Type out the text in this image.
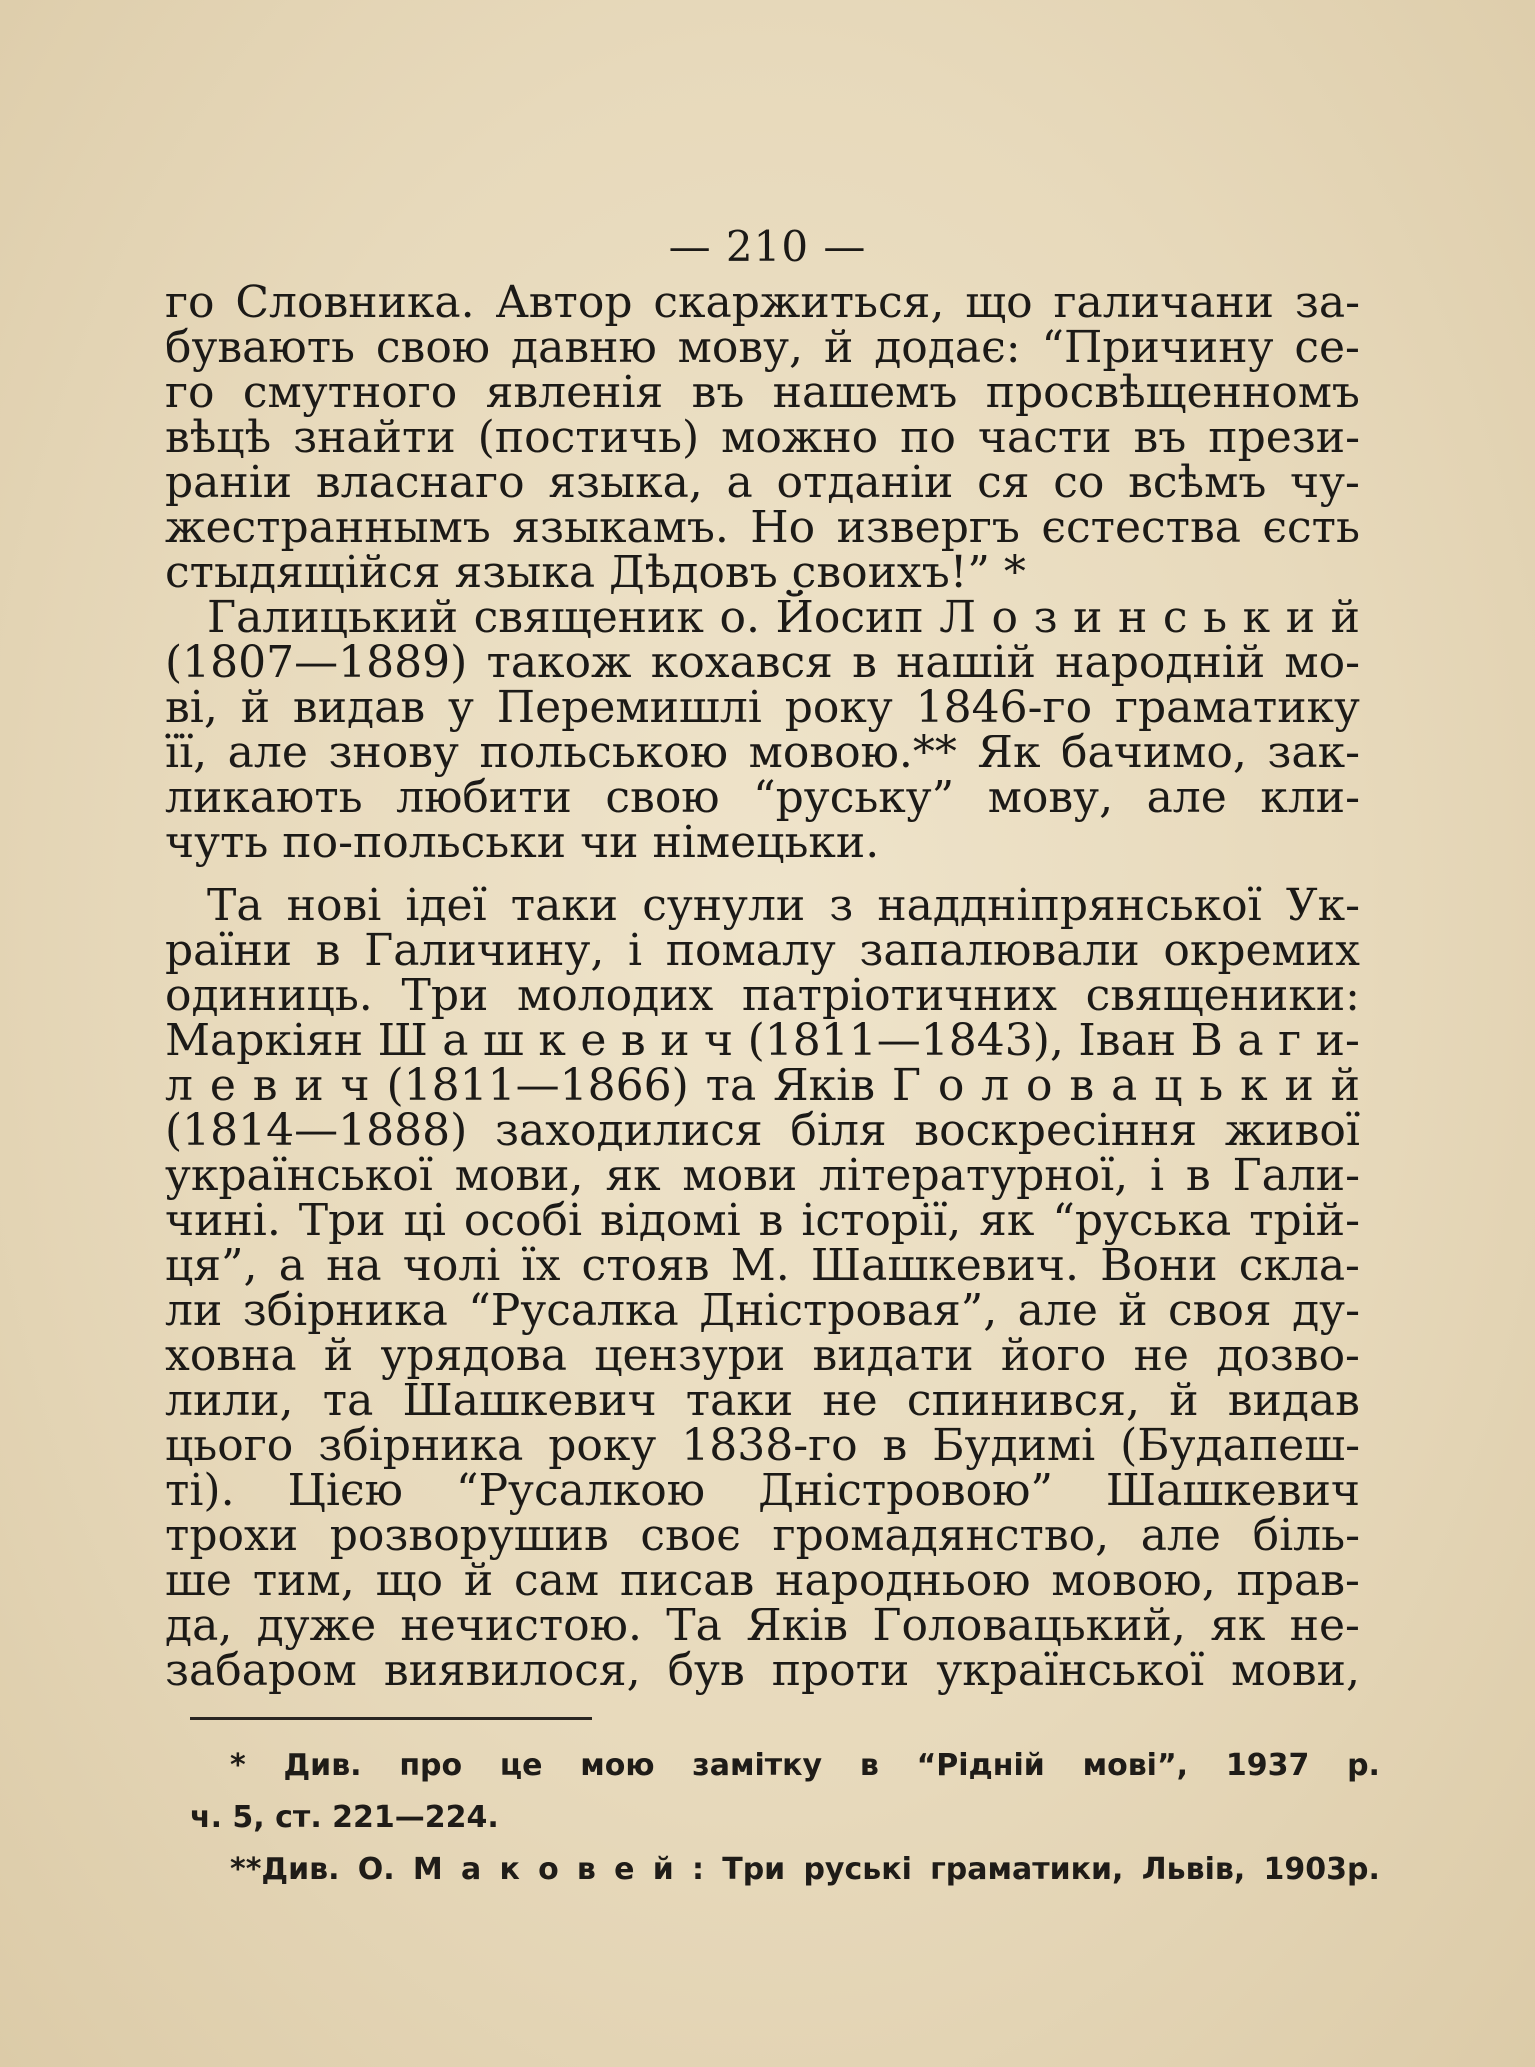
— 210 —
го Словника. Автор скаржиться, що галичани за-
бувають свою давню мову, й додає: “Причину се-
го смутного явленія въ нашемъ просвѣщенномъ
вѣцѣ знайти (постичь) можно по части въ прези-
раніи власнаго языка, а отданіи ся со всѣмъ чу-
жестраннымъ языкамъ. Но извергъ єстества єсть
стыдящійся языка Дѣдовъ своихъ!” *
Галицький священик о. Йосип Л о з и н с ь к и й
(1807—1889) також кохався в нашій народній мо-
ві, й видав у Перемишлі року 1846-го граматику
її, але знову польською мовою.** Як бачимо, зак-
ликають любити свою “руську” мову, але кли-
чуть по-польськи чи німецьки.
Та нові ідеї таки сунули з наддніпрянської Ук-
раїни в Галичину, і помалу запалювали окремих
одиниць. Три молодих патріотичних священики:
Маркіян Ш а ш к е в и ч (1811—1843), Іван В а г и-
л е в и ч (1811—1866) та Яків Г о л о в а ц ь к и й
(1814—1888) заходилися біля воскресіння живої
української мови, як мови літературної, і в Гали-
чині. Три ці особі відомі в історії, як “руська трій-
ця”, а на чолі їх стояв М. Шашкевич. Вони скла-
ли збірника “Русалка Дністровая”, але й своя ду-
ховна й урядова цензури видати його не дозво-
лили, та Шашкевич таки не спинився, й видав
цього збірника року 1838-го в Будимі (Будапеш-
ті). Цією “Русалкою Дністровою” Шашкевич
трохи розворушив своє громадянство, але біль-
ше тим, що й сам писав народньою мовою, прав-
да, дуже нечистою. Та Яків Головацький, як не-
забаром виявилося, був проти української мови,
* Див. про це мою замітку в “Рідній мові”, 1937 р.
ч. 5, ст. 221—224.
**Див. О. М а к о в е й : Три руські граматики, Львів, 1903р.
